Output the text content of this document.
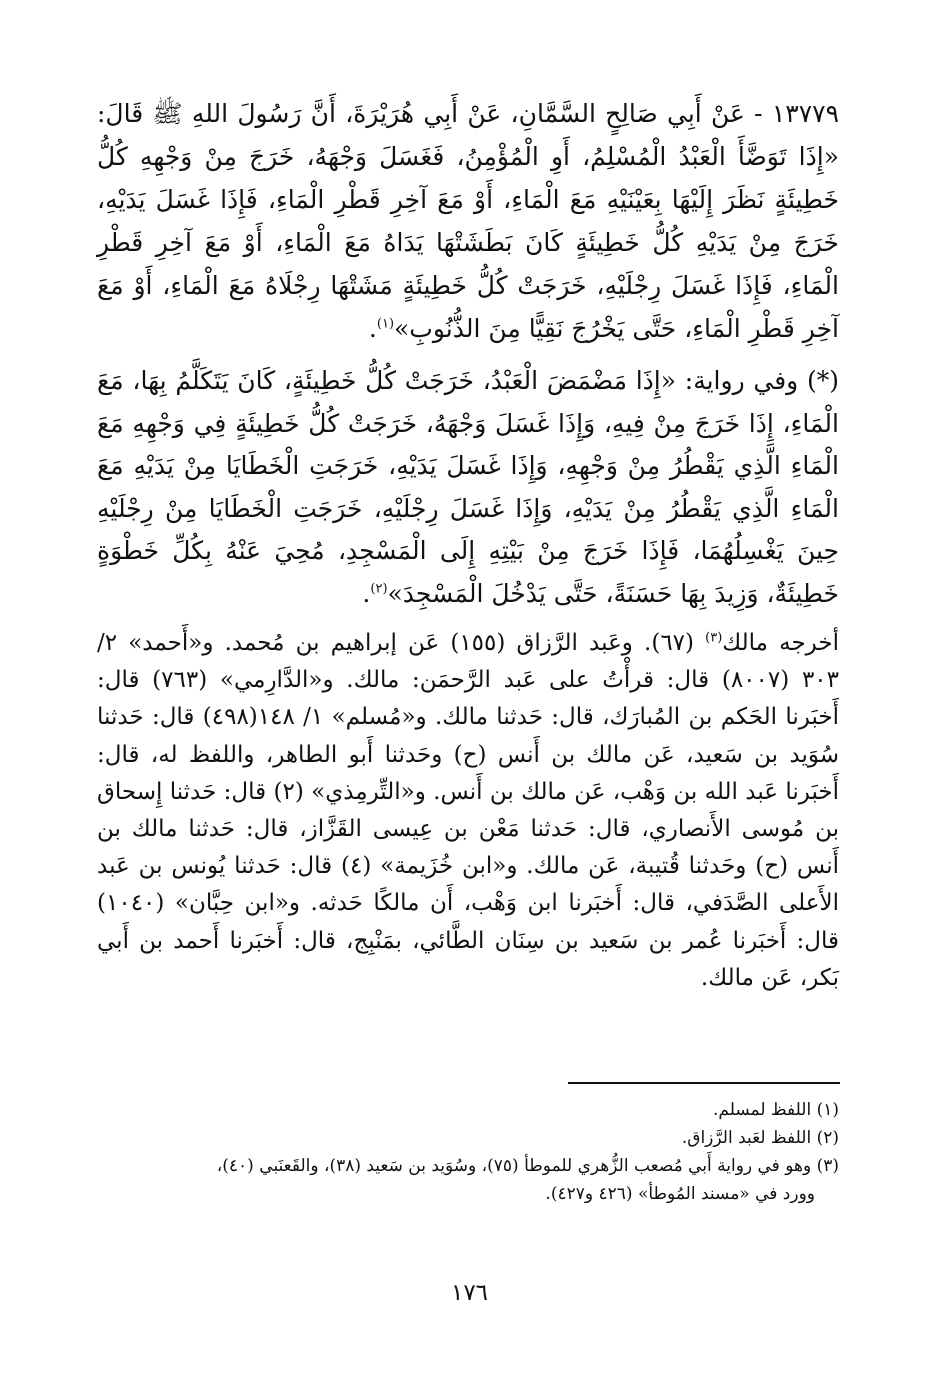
١٣٧٧٩ - عَنْ أَبِي صَالِحٍ السَّمَّانِ، عَنْ أَبِي هُرَيْرَةَ، أَنَّ رَسُولَ اللهِ ﷺ قَالَ: «إِذَا تَوَضَّأَ الْعَبْدُ الْمُسْلِمُ، أَوِ الْمُؤْمِنُ، فَغَسَلَ وَجْهَهُ، خَرَجَ مِنْ وَجْهِهِ كُلُّ خَطِيئَةٍ نَظَرَ إِلَيْهَا بِعَيْنَيْهِ مَعَ الْمَاءِ، أَوْ مَعَ آخِرِ قَطْرِ الْمَاءِ، فَإِذَا غَسَلَ يَدَيْهِ، خَرَجَ مِنْ يَدَيْهِ كُلُّ خَطِيئَةٍ كَانَ بَطَشَتْهَا يَدَاهُ مَعَ الْمَاءِ، أَوْ مَعَ آخِرِ قَطْرِ الْمَاءِ، فَإِذَا غَسَلَ رِجْلَيْهِ، خَرَجَتْ كُلُّ خَطِيئَةٍ مَشَتْهَا رِجْلَاهُ مَعَ الْمَاءِ، أَوْ مَعَ آخِرِ قَطْرِ الْمَاءِ، حَتَّى يَخْرُجَ نَقِيًّا مِنَ الذُّنُوبِ»$^{(١)}$.

(*) وفي رواية: «إِذَا مَضْمَضَ الْعَبْدُ، خَرَجَتْ كُلُّ خَطِيئَةٍ، كَانَ يَتَكَلَّمُ بِهَا، مَعَ الْمَاءِ، إِذَا خَرَجَ مِنْ فِيهِ، وَإِذَا غَسَلَ وَجْهَهُ، خَرَجَتْ كُلُّ خَطِيئَةٍ فِي وَجْهِهِ مَعَ الْمَاءِ الَّذِي يَقْطُرُ مِنْ وَجْهِهِ، وَإِذَا غَسَلَ يَدَيْهِ، خَرَجَتِ الْخَطَايَا مِنْ يَدَيْهِ مَعَ الْمَاءِ الَّذِي يَقْطُرُ مِنْ يَدَيْهِ، وَإِذَا غَسَلَ رِجْلَيْهِ، خَرَجَتِ الْخَطَايَا مِنْ رِجْلَيْهِ حِينَ يَغْسِلُهُمَا، فَإِذَا خَرَجَ مِنْ بَيْتِهِ إِلَى الْمَسْجِدِ، مُحِيَ عَنْهُ بِكُلِّ خَطْوَةٍ خَطِيئَةٌ، وَزِيدَ بِهَا حَسَنَةً، حَتَّى يَدْخُلَ الْمَسْجِدَ»$^{(٢)}$.

أخرجه مالك$^{(٣)}$ (٦٧). وعَبد الرَّزاق (١٥٥) عَن إبراهيم بن مُحمد. و«أَحمد» ٢/ ٣٠٣ (٨٠٠٧) قال: قرأْتُ على عَبد الرَّحمَن: مالك. و«الدَّارِمي» (٧٦٣) قال: أَخبَرنا الحَكم بن المُبارَك، قال: حَدثنا مالك. و«مُسلم» ١/ ١٤٨(٤٩٨) قال: حَدثنا سُوَيد بن سَعيد، عَن مالك بن أَنس (ح) وحَدثنا أَبو الطاهر، واللفظ له، قال: أَخبَرنا عَبد الله بن وَهْب، عَن مالك بن أَنس. و«التِّرمِذي» (٢) قال: حَدثنا إِسحاق بن مُوسى الأَنصاري، قال: حَدثنا مَعْن بن عِيسى القَزَّاز، قال: حَدثنا مالك بن أَنس (ح) وحَدثنا قُتيبة، عَن مالك. و«ابن خُزَيمة» (٤) قال: حَدثنا يُونس بن عَبد الأَعلى الصَّدَفي، قال: أَخبَرنا ابن وَهْب، أَن مالكًا حَدثه. و«ابن حِبَّان» (١٠٤٠) قال: أَخبَرنا عُمر بن سَعيد بن سِنَان الطَّائي، بمَنْبِج، قال: أَخبَرنا أَحمد بن أَبي بَكر، عَن مالك.

(١) اللفظ لمسلم.

(٢) اللفظ لعَبد الرَّزاق.

(٣) وهو في رواية أَبي مُصعب الزُّهري للموطأ (٧٥)، وسُوَيد بن سَعيد (٣٨)، والقَعنَبي (٤٠)،

وورد في «مسند المُوطأ» (٤٢٦ و٤٢٧).

١٧٦
